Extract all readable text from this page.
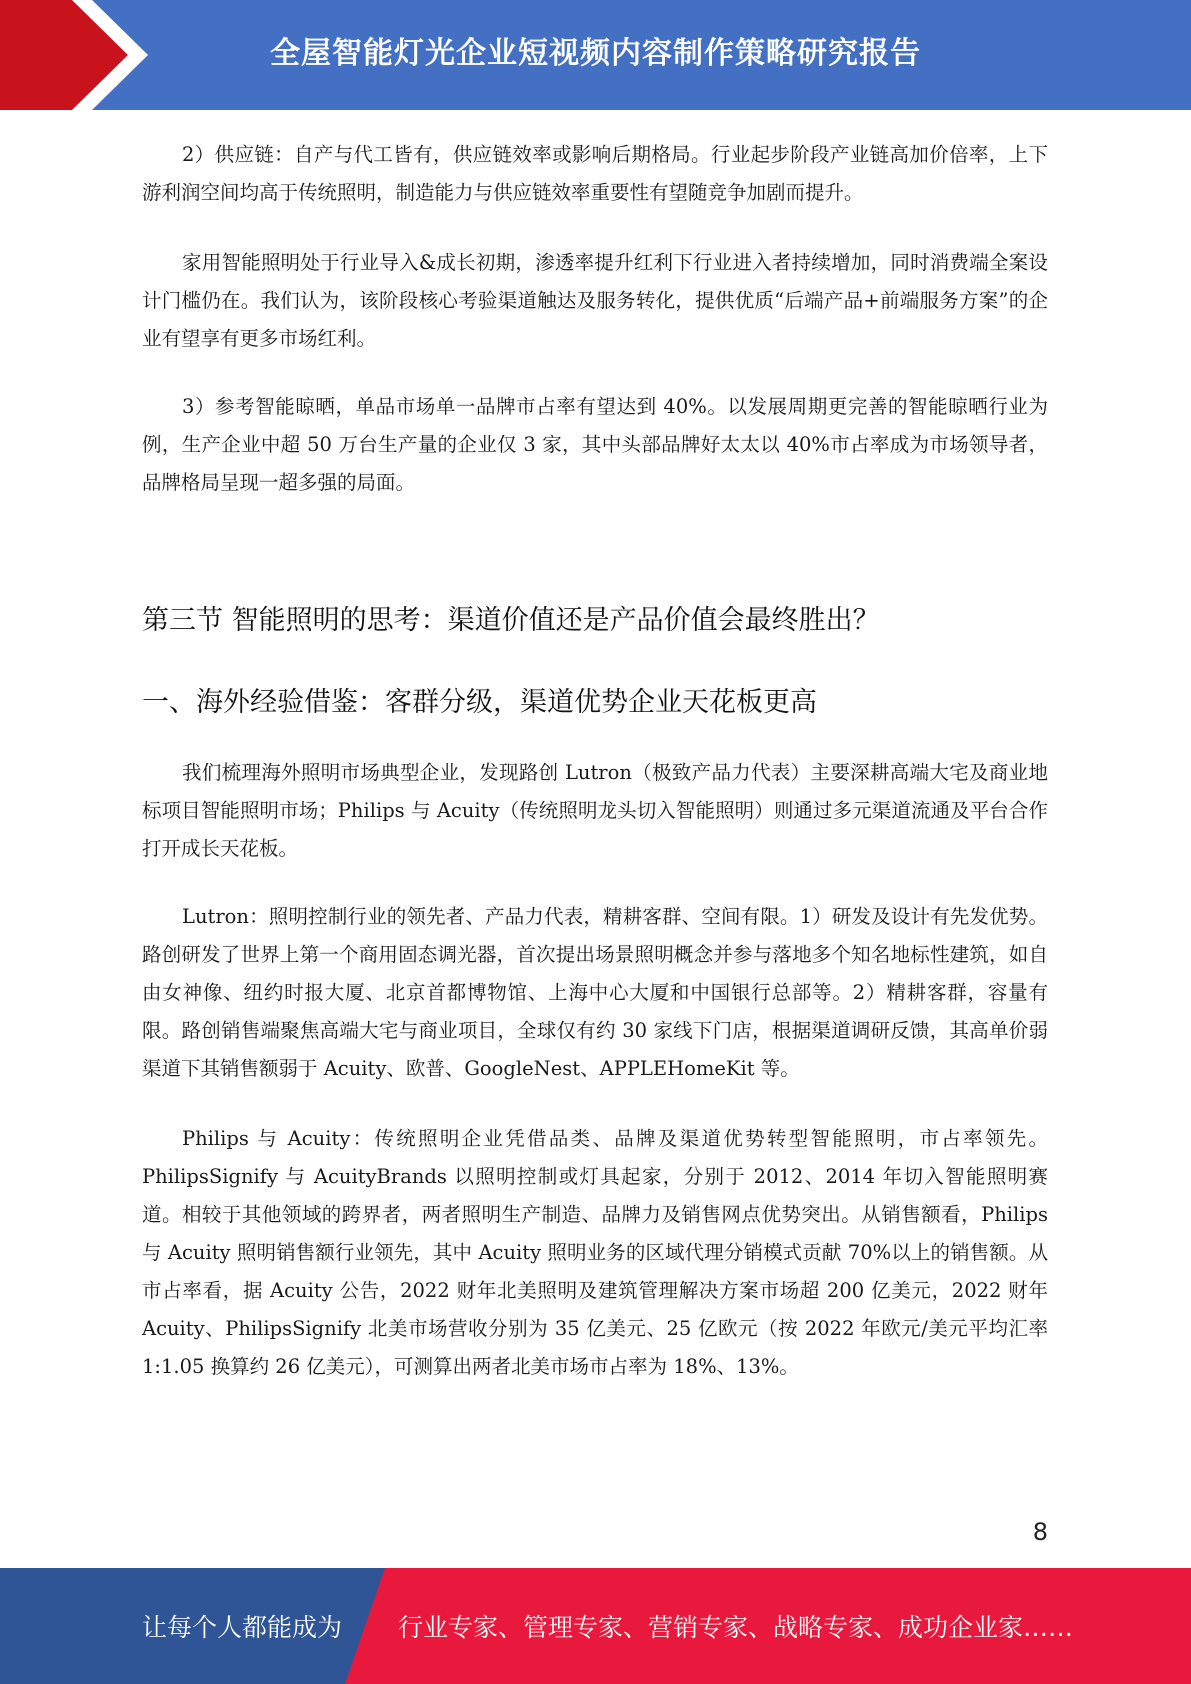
全屋智能灯光企业短视频内容制作策略研究报告

2）供应链：自产与代工皆有，供应链效率或影响后期格局。行业起步阶段产业链高加价倍率，上下游利润空间均高于传统照明，制造能力与供应链效率重要性有望随竞争加剧而提升。

家用智能照明处于行业导入&成长初期，渗透率提升红利下行业进入者持续增加，同时消费端全案设计门槛仍在。我们认为，该阶段核心考验渠道触达及服务转化，提供优质“后端产品+前端服务方案”的企业有望享有更多市场红利。

3）参考智能晾晒，单品市场单一品牌市占率有望达到 40%。以发展周期更完善的智能晾晒行业为例，生产企业中超 50 万台生产量的企业仅 3 家，其中头部品牌好太太以 40%市占率成为市场领导者，品牌格局呈现一超多强的局面。

第三节 智能照明的思考：渠道价值还是产品价值会最终胜出？
一、海外经验借鉴：客群分级，渠道优势企业天花板更高

我们梳理海外照明市场典型企业，发现路创 Lutron（极致产品力代表）主要深耕高端大宅及商业地标项目智能照明市场；Philips 与 Acuity（传统照明龙头切入智能照明）则通过多元渠道流通及平台合作打开成长天花板。

Lutron：照明控制行业的领先者、产品力代表，精耕客群、空间有限。1）研发及设计有先发优势。路创研发了世界上第一个商用固态调光器，首次提出场景照明概念并参与落地多个知名地标性建筑，如自由女神像、纽约时报大厦、北京首都博物馆、上海中心大厦和中国银行总部等。2）精耕客群，容量有限。路创销售端聚焦高端大宅与商业项目，全球仅有约 30 家线下门店，根据渠道调研反馈，其高单价弱渠道下其销售额弱于 Acuity、欧普、GoogleNest、APPLEHomeKit 等。

Philips 与 Acuity：传统照明企业凭借品类、品牌及渠道优势转型智能照明，市占率领先。PhilipsSignify 与 AcuityBrands 以照明控制或灯具起家，分别于 2012、2014 年切入智能照明赛道。相较于其他领域的跨界者，两者照明生产制造、品牌力及销售网点优势突出。从销售额看，Philips 与 Acuity 照明销售额行业领先，其中 Acuity 照明业务的区域代理分销模式贡献 70%以上的销售额。从市占率看，据 Acuity 公告，2022 财年北美照明及建筑管理解决方案市场超 200 亿美元，2022 财年 Acuity、PhilipsSignify 北美市场营收分别为 35 亿美元、25 亿欧元（按 2022 年欧元/美元平均汇率 1:1.05 换算约 26 亿美元），可测算出两者北美市场市占率为 18%、13%。

8
让每个人都能成为 行业专家、管理专家、营销专家、战略专家、成功企业家……
